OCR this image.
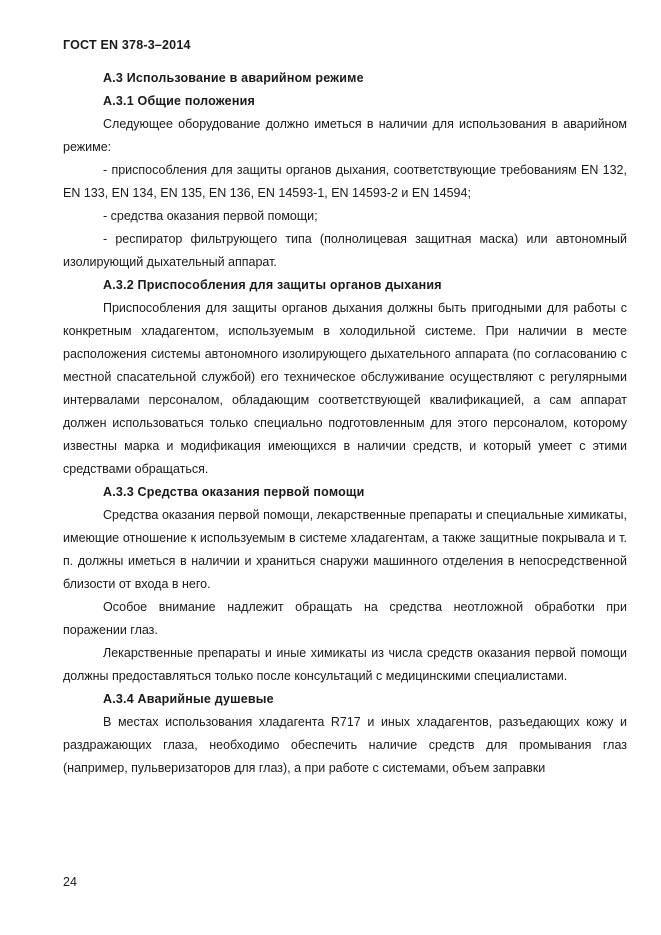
ГОСТ EN 378-3–2014

А.3 Использование в аварийном режиме

А.3.1 Общие положения

Следующее оборудование должно иметься в наличии для использования в аварийном режиме:

- приспособления для защиты органов дыхания, соответствующие требованиям EN 132, EN 133, EN 134, EN 135, EN 136, EN 14593-1, EN 14593-2 и EN 14594;

- средства оказания первой помощи;

- респиратор фильтрующего типа (полнолицевая защитная маска) или автономный изолирующий дыхательный аппарат.

А.3.2 Приспособления для защиты органов дыхания

Приспособления для защиты органов дыхания должны быть пригодными для работы с конкретным хладагентом, используемым в холодильной системе. При наличии в месте расположения системы автономного изолирующего дыхательного аппарата (по согласованию с местной спасательной службой) его техническое обслуживание осуществляют с регулярными интервалами персоналом, обладающим соответствующей квалификацией, а сам аппарат должен использоваться только специально подготовленным для этого персоналом, которому известны марка и модификация имеющихся в наличии средств, и который умеет с этими средствами обращаться.

А.3.3 Средства оказания первой помощи

Средства оказания первой помощи, лекарственные препараты и специальные химикаты, имеющие отношение к используемым в системе хладагентам, а также защитные покрывала и т. п. должны иметься в наличии и храниться снаружи машинного отделения в непосредственной близости от входа в него.

Особое внимание надлежит обращать на средства неотложной обработки при поражении глаз.

Лекарственные препараты и иные химикаты из числа средств оказания первой помощи должны предоставляться только после консультаций с медицинскими специалистами.

А.3.4 Аварийные душевые

В местах использования хладагента R717 и иных хладагентов, разъедающих кожу и раздражающих глаза, необходимо обеспечить наличие средств для промывания глаз (например, пульверизаторов для глаз), а при работе с системами, объем заправки

24
